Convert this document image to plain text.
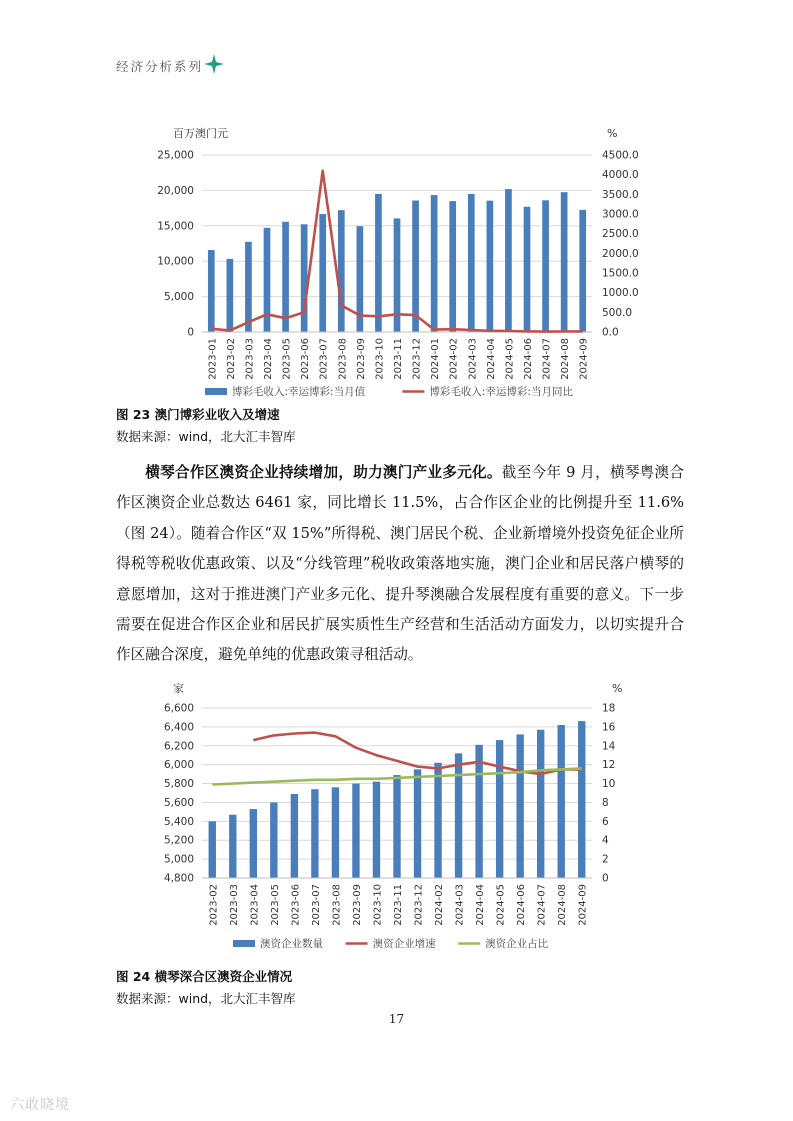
经济分析系列
0
5,000
10,000
15,000
20,000
25,000
0.0
500.0
1000.0
1500.0
2000.0
2500.0
3000.0
3500.0
4000.0
4500.0
百万澳门元	%
2023-01 2023-02 2023-03 2023-04 2023-05 2023-06 2023-07 2023-08 2023-09 2023-10 2023-11 2023-12 2024-01 2024-02 2024-03 2024-04 2024-05 2024-06 2024-07 2024-08 2024-09
博彩毛收入:幸运博彩:当月值	博彩毛收入:幸运博彩:当月同比
图 23 澳门博彩业收入及增速
数据来源：wind，北大汇丰智库

横琴合作区澳资企业持续增加，助力澳门产业多元化。截至今年 9 月，横琴粤澳合作区澳资企业总数达 6461 家，同比增长 11.5%，占合作区企业的比例提升至 11.6%（图 24）。随着合作区“双 15%”所得税、澳门居民个税、企业新增境外投资免征企业所得税等税收优惠政策、以及“分线管理”税收政策落地实施，澳门企业和居民落户横琴的意愿增加，这对于推进澳门产业多元化、提升琴澳融合发展程度有重要的意义。下一步需要在促进合作区企业和居民扩展实质性生产经营和生活活动方面发力，以切实提升合作区融合深度，避免单纯的优惠政策寻租活动。

4,800
5,000
5,200
5,400
5,600
5,800
6,000
6,200
6,400
6,600
0
2
4
6
8
10
12
14
16
18
家	%
2023-02 2023-03 2023-04 2023-05 2023-06 2023-07 2023-08 2023-09 2023-10 2023-11 2023-12 2024-02 2024-03 2024-04 2024-05 2024-06 2024-07 2024-08 2024-09
澳资企业数量	澳资企业增速	澳资企业占比
图 24 横琴深合区澳资企业情况
数据来源：wind，北大汇丰智库
17
六敢晓境
